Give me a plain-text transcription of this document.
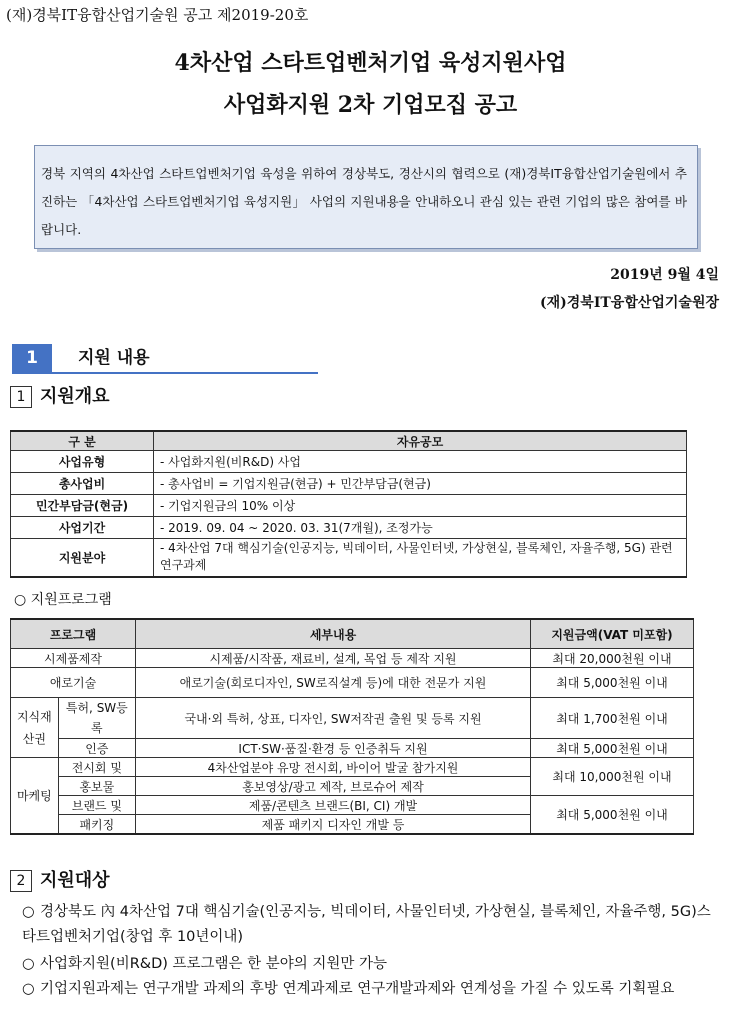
(재)경북IT융합산업기술원 공고 제2019-20호
4차산업 스타트업벤처기업 육성지원사업
사업화지원 2차 기업모집 공고
경북 지역의 4차산업 스타트업벤처기업 육성을 위하여 경상북도, 경산시의 협력으로 (재)경북IT융합산업기술원에서 추진하는 「4차산업 스타트업벤처기업 육성지원」 사업의 지원내용을 안내하오니 관심 있는 관련 기업의 많은 참여를 바랍니다.
2019년 9월 4일
(재)경북IT융합산업기술원장
1	지원 내용
1 지원개요
구 분	자유공모
사업유형	- 사업화지원(비R&D) 사업
총사업비	- 총사업비 = 기업지원금(현금) + 민간부담금(현금)
민간부담금(현금)	- 기업지원금의 10% 이상
사업기간	- 2019. 09. 04 ~ 2020. 03. 31(7개월), 조정가능
지원분야	- 4차산업 7대 핵심기술(인공지능, 빅데이터, 사물인터넷, 가상현실, 블록체인, 자율주행, 5G) 관련 연구과제
○ 지원프로그램
프로그램		세부내용	지원금액(VAT 미포함)
시제품제작		시제품/시작품, 재료비, 설계, 목업 등 제작 지원	최대 20,000천원 이내
애로기술		애로기술(회로디자인, SW로직설계 등)에 대한 전문가 지원	최대 5,000천원 이내
지식재산권	특허, SW등록	국내·외 특허, 상표, 디자인, SW저작권 출원 및 등록 지원	최대 1,700천원 이내
	인증	ICT·SW·품질·환경 등 인증취득 지원	최대 5,000천원 이내
마케팅	전시회 및	4차산업분야 유망 전시회, 바이어 발굴 참가지원	최대 10,000천원 이내
	홍보물	홍보영상/광고 제작, 브로슈어 제작	
	브랜드 및	제품/콘텐츠 브랜드(BI, CI) 개발	최대 5,000천원 이내
	패키징	제품 패키지 디자인 개발 등	
2 지원대상
○ 경상북도 內 4차산업 7대 핵심기술(인공지능, 빅데이터, 사물인터넷, 가상현실, 블록체인, 자율주행, 5G)스타트업벤처기업(창업 후 10년이내)
○ 사업화지원(비R&D) 프로그램은 한 분야의 지원만 가능
○ 기업지원과제는 연구개발 과제의 후방 연계과제로 연구개발과제와 연계성을 가질 수 있도록 기획필요
